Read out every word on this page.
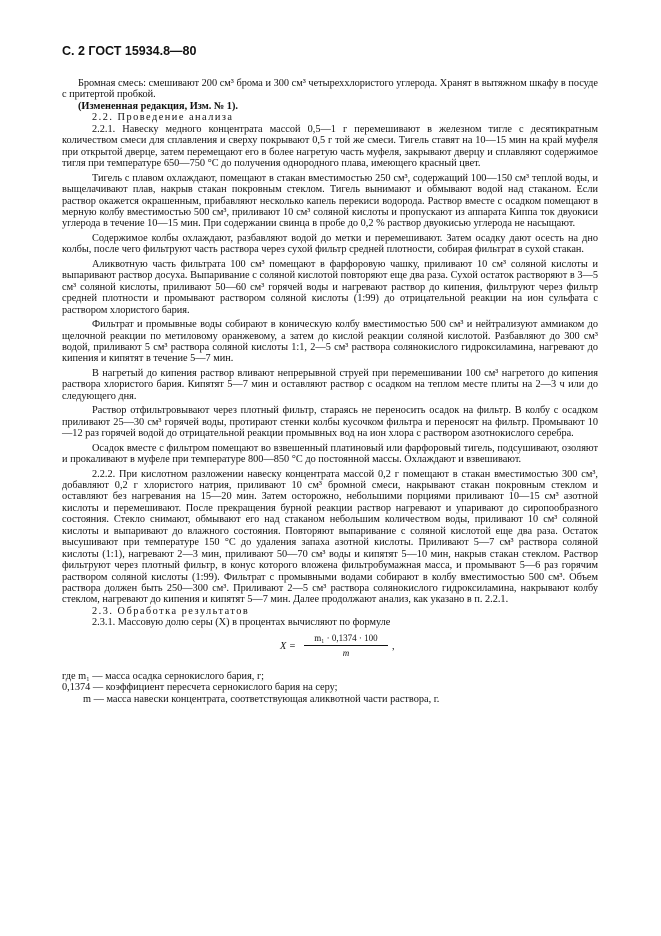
С. 2 ГОСТ 15934.8—80

Бромная смесь: смешивают 200 см³ брома и 300 см³ четыреххлористого углерода. Хранят в вытяжном шкафу в посуде с притертой пробкой.

(Измененная редакция, Изм. № 1).

2.2. Проведение анализа

2.2.1. Навеску медного концентрата массой 0,5—1 г перемешивают в железном тигле с десятикратным количеством смеси для сплавления и сверху покрывают 0,5 г той же смеси. Тигель ставят на 10—15 мин на край муфеля при открытой дверце, затем перемещают его в более нагретую часть муфеля, закрывают дверцу и сплавляют содержимое тигля при температуре 650—750 °С до получения однородного плава, имеющего красный цвет.

Тигель с плавом охлаждают, помещают в стакан вместимостью 250 см³, содержащий 100—150 см³ теплой воды, и выщелачивают плав, накрыв стакан покровным стеклом. Тигель вынимают и обмывают водой над стаканом. Если раствор окажется окрашенным, прибавляют несколько капель перекиси водорода. Раствор вместе с осадком помещают в мерную колбу вместимостью 500 см³, приливают 10 см³ соляной кислоты и пропускают из аппарата Киппа ток двуокиси углерода в течение 10—15 мин. При содержании свинца в пробе до 0,2 % раствор двуокисью углерода не насыщают.

Содержимое колбы охлаждают, разбавляют водой до метки и перемешивают. Затем осадку дают осесть на дно колбы, после чего фильтруют часть раствора через сухой фильтр средней плотности, собирая фильтрат в сухой стакан.

Аликвотную часть фильтрата 100 см³ помещают в фарфоровую чашку, приливают 10 см³ соляной кислоты и выпаривают раствор досуха. Выпаривание с соляной кислотой повторяют еще два раза. Сухой остаток растворяют в 3—5 см³ соляной кислоты, приливают 50—60 см³ горячей воды и нагревают раствор до кипения, фильтруют через фильтр средней плотности и промывают раствором соляной кислоты (1:99) до отрицательной реакции на ион сульфата с раствором хлористого бария.

Фильтрат и промывные воды собирают в коническую колбу вместимостью 500 см³ и нейтрализуют аммиаком до щелочной реакции по метиловому оранжевому, а затем до кислой реакции соляной кислотой. Разбавляют до 300 см³ водой, приливают 5 см³ раствора соляной кислоты 1:1, 2—5 см³ раствора солянокислого гидроксиламина, нагревают до кипения и кипятят в течение 5—7 мин.

В нагретый до кипения раствор вливают непрерывной струей при перемешивании 100 см³ нагретого до кипения раствора хлористого бария. Кипятят 5—7 мин и оставляют раствор с осадком на теплом месте плиты на 2—3 ч или до следующего дня.

Раствор отфильтровывают через плотный фильтр, стараясь не переносить осадок на фильтр. В колбу с осадком приливают 25—30 см³ горячей воды, протирают стенки колбы кусочком фильтра и переносят на фильтр. Промывают 10—12 раз горячей водой до отрицательной реакции промывных вод на ион хлора с раствором азотнокислого серебра.

Осадок вместе с фильтром помещают во взвешенный платиновый или фарфоровый тигель, подсушивают, озоляют и прокаливают в муфеле при температуре 800—850 °С до постоянной массы. Охлаждают и взвешивают.

2.2.2. При кислотном разложении навеску концентрата массой 0,2 г помещают в стакан вместимостью 300 см³, добавляют 0,2 г хлористого натрия, приливают 10 см³ бромной смеси, накрывают стакан покровным стеклом и оставляют без нагревания на 15—20 мин. Затем осторожно, небольшими порциями приливают 10—15 см³ азотной кислоты и перемешивают. После прекращения бурной реакции раствор нагревают и упаривают до сиропообразного состояния. Стекло снимают, обмывают его над стаканом небольшим количеством воды, приливают 10 см³ соляной кислоты и выпаривают до влажного состояния. Повторяют выпаривание с соляной кислотой еще два раза. Остаток высушивают при температуре 150 °С до удаления запаха азотной кислоты. Приливают 5—7 см³ раствора соляной кислоты (1:1), нагревают 2—3 мин, приливают 50—70 см³ воды и кипятят 5—10 мин, накрыв стакан стеклом. Раствор фильтруют через плотный фильтр, в конус которого вложена фильтробумажная масса, и промывают 5—6 раз горячим раствором соляной кислоты (1:99). Фильтрат с промывными водами собирают в колбу вместимостью 500 см³. Объем раствора должен быть 250—300 см³. Приливают 2—5 см³ раствора солянокислого гидроксиламина, накрывают колбу стеклом, нагревают до кипения и кипятят 5—7 мин. Далее продолжают анализ, как указано в п. 2.2.1.

2.3. Обработка результатов

2.3.1. Массовую долю серы (X) в процентах вычисляют по формуле

X =
m₁ · 0,1374 · 100
m
,

где m₁ — масса осадка сернокислого бария, г;

0,1374 — коэффициент пересчета сернокислого бария на серу;

m — масса навески концентрата, соответствующая аликвотной части раствора, г.
